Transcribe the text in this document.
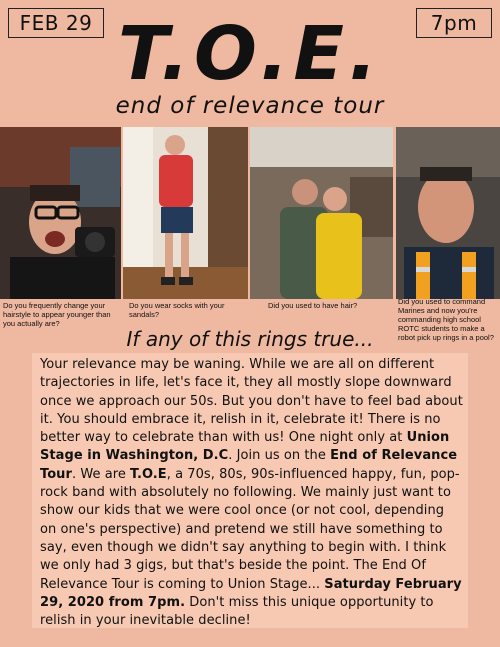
FEB 29	7pm
T.O.E.
end of relevance tour
Do you frequently change your hairstyle to appear younger than you actually are?
Do you wear socks with your sandals?
Did you used to have hair?	Did you used to command Marines and now you're commanding high school ROTC students to make a robot pick up rings in a pool?
If any of this rings true...
Your relevance may be waning. While we are all on different trajectories in life, let's face it, they all mostly slope downward once we approach our 50s. But you don't have to feel bad about it. You should embrace it, relish in it, celebrate it! There is no better way to celebrate than with us! One night only at Union Stage in Washington, D.C. Join us on the End of Relevance Tour. We are T.O.E, a 70s, 80s, 90s-influenced happy, fun, pop-rock band with absolutely no following. We mainly just want to show our kids that we were cool once (or not cool, depending on one's perspective) and pretend we still have something to say, even though we didn't say anything to begin with. I think we only had 3 gigs, but that's beside the point. The End Of Relevance Tour is coming to Union Stage... Saturday February 29, 2020 from 7pm. Don't miss this unique opportunity to relish in your inevitable decline!
